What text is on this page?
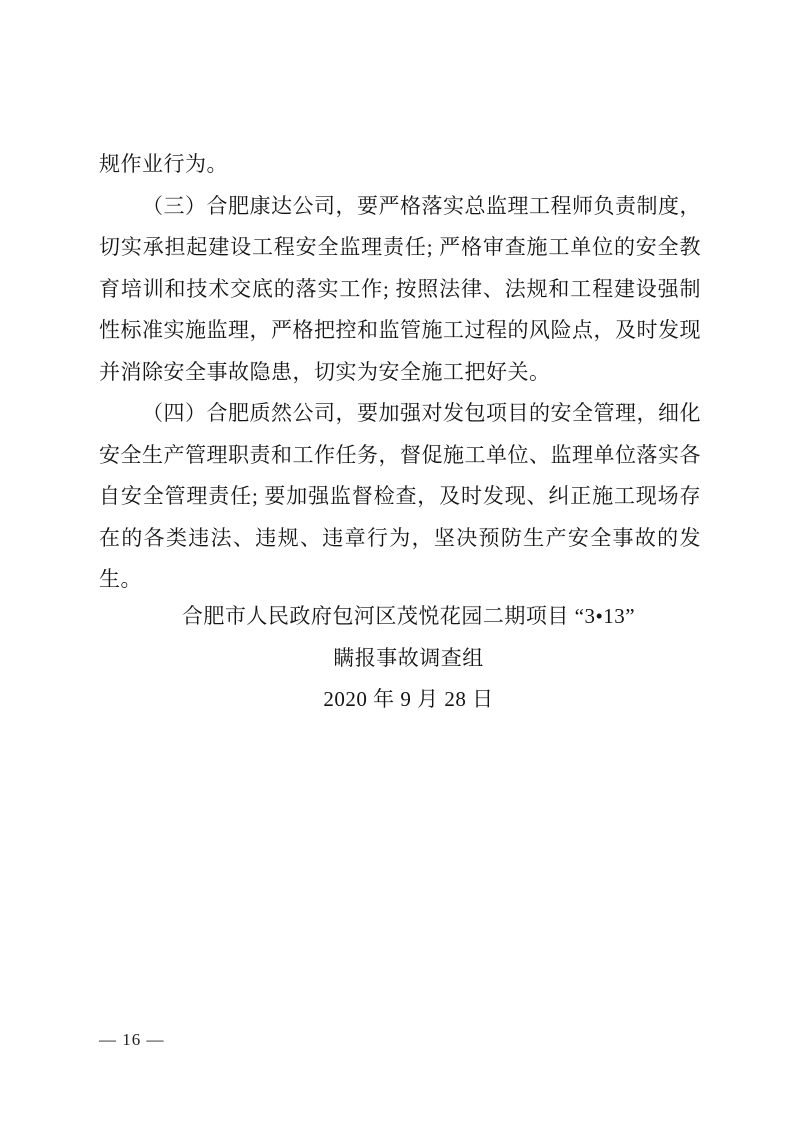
规作业行为。

（三）合肥康达公司，要严格落实总监理工程师负责制度，切实承担起建设工程安全监理责任; 严格审查施工单位的安全教育培训和技术交底的落实工作; 按照法律、法规和工程建设强制性标准实施监理，严格把控和监管施工过程的风险点，及时发现并消除安全事故隐患，切实为安全施工把好关。

（四）合肥质然公司，要加强对发包项目的安全管理，细化安全生产管理职责和工作任务，督促施工单位、监理单位落实各自安全管理责任; 要加强监督检查，及时发现、纠正施工现场存在的各类违法、违规、违章行为，坚决预防生产安全事故的发生。

合肥市人民政府包河区茂悦花园二期项目 “3•13”
瞒报事故调查组
2020 年 9 月 28 日
— 16 —
